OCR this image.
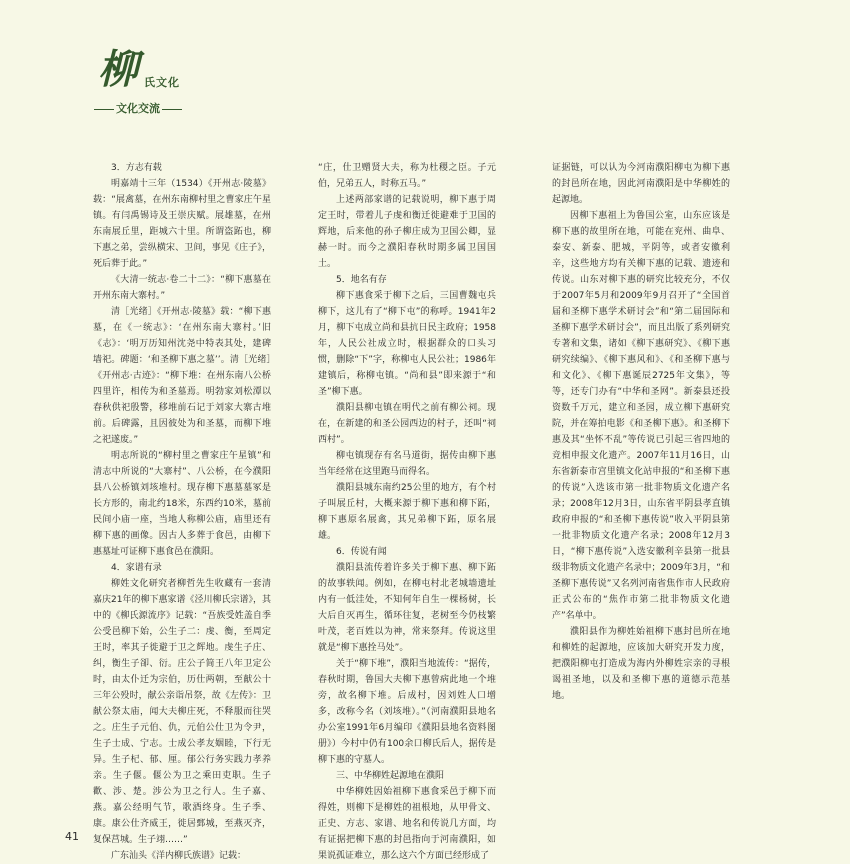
柳 氏文化
文化交流

3．方志有载

明嘉靖十三年（1534）《开州志·陵墓》载：“展禽墓，在州东南柳村里之曹家庄午星镇。有闫禹锡诗及王崇庆赋。展雄墓，在州东南展丘里，距城六十里。所谓盗跖也，柳下惠之弟，尝纵横宋、卫间，事见《庄子》，死后葬于此。”

《大清一统志·卷二十二》：“柳下惠墓在开州东南大寨村。”

清［光绪］《开州志·陵墓》载：“柳下惠墓，在《一统志》：‘在州东南大寨村。’旧《志》：‘明万历知州沈尧中特表其处，建碑墙祀。碑题：‘和圣柳下惠之墓’’。清［光绪］《开州志·古迹》：“柳下堆：在州东南八公桥四里许，相传为和圣墓焉。明勃家刘松潭以春秋供祀殷警，移堆前石记于刘家大寨古堆前。后碑露，且因彼处为和圣墓，而柳下堆之祀遂废。”

明志所说的“柳村里之曹家庄午星镇”和清志中所说的“大寨村”、八公桥，在今濮阳县八公桥镇刘垓堆村。现存柳下惠墓墓冢是长方形的，南北约18米，东西约10米，墓前民间小庙一座，当地人称柳公庙，庙里还有柳下惠的画像。因古人多葬于食邑，由柳下惠墓址可证柳下惠食邑在濮阳。

4．家谱有录

柳姓文化研究者柳哲先生收藏有一套清嘉庆21年的柳下惠家谱《泾川柳氏宗谱》，其中的《柳氏源流序》记载：“吾族受姓盖自季公受邑柳下始，公生子二：虔、衡，至周定王时，率其子徙避于卫之辉地。虔生子庄、纠，衡生子卻、衍。庄公子简王八年卫定公时，由太仆迁为宗伯，历仕两朝，至献公十三年公殁时，献公亲诣吊祭，故《左传》：卫献公祭太庙，闻大夫柳庄死，不释服而往哭之。庄生子元伯、仇，元伯公仕卫为令尹，生子士成、宁志。士成公孝友姻睦，下行无异。生子杞、郁、厘。郁公行务实践力孝养亲。生子偃。偃公为卫之乘田吏职。生子歡、涉、楚。涉公为卫之行人。生子嘉、燕。嘉公经明气节，歌酒终身。生子季、康。康公仕齐威王，徙居鄄城，至燕灭齐，复保莒城。生子翊……”

广东汕头《洋内柳氏族谱》记载：

“庄，仕卫赠贤大夫，称为杜稷之臣。子元伯，兄弟五人，时称五马。”

上述两部家谱的记载说明，柳下惠于周定王时，带着儿子虔和衡迁徙避难于卫国的辉地，后来他的孙子柳庄成为卫国公卿，显赫一时。而今之濮阳春秋时期多属卫国国土。

5．地名有存

柳下惠食采于柳下之后，三国曹魏屯兵柳下，这儿有了“柳下屯”的称呼。1941年2月，柳下屯成立尚和县抗日民主政府；1958年，人民公社成立时，根据群众的口头习惯，删除“下”字，称柳屯人民公社；1986年建镇后，称柳屯镇。“尚和县”即来源于“和圣”柳下惠。

濮阳县柳屯镇在明代之前有柳公祠。现在，在新建的和圣公园西边的村子，还叫“祠西村”。

柳屯镇现存有名马道街，据传由柳下惠当年经常在这里跑马而得名。

濮阳县城东南约25公里的地方，有个村子叫展丘村，大概来源于柳下惠和柳下跖，柳下惠原名展禽，其兄弟柳下跖，原名展雄。

6．传说有闻

濮阳县流传着许多关于柳下惠、柳下跖的故事轶闻。例如，在柳屯村北老城墙遗址内有一低洼处，不知何年自生一棵杨树，长大后自灭再生，循环往复，老树至今仍枝繁叶茂，老百姓以为神，常来祭拜。传说这里就是“柳下惠拴马处”。

关于“柳下堆”，濮阳当地流传：“据传，春秋时期，鲁国大夫柳下惠曾病此地一个堆旁，故名柳下堆。后成村，因刘姓人口增多，改称今名（刘垓堆）。”（河南濮阳县地名办公室1991年6月编印《濮阳县地名资料图册》）今村中仍有100余口柳氏后人，据传是柳下惠的守墓人。

三、中华柳姓起源地在濮阳

中华柳姓因始祖柳下惠食采邑于柳下而得姓，则柳下是柳姓的祖根地，从甲骨文、正史、方志、家谱、地名和传说几方面，均有证据把柳下惠的封邑指向于河南濮阳，如果说孤证难立，那么这六个方面已经形成了

证据链，可以认为今河南濮阳柳屯为柳下惠的封邑所在地，因此河南濮阳是中华柳姓的起源地。

因柳下惠祖上为鲁国公室，山东应该是柳下惠的故里所在地，可能在兖州、曲阜、泰安、新泰、肥城，平阴等，或者安徽利辛，这些地方均有关柳下惠的记载、遗迹和传说。山东对柳下惠的研究比较充分，不仅于2007年5月和2009年9月召开了“全国首届和圣柳下惠学术研讨会”和“第二届国际和圣柳下惠学术研讨会”，而且出版了系列研究专著和文集，诸如《柳下惠研究》、《柳下惠研究续编》、《柳下惠风和》、《和圣柳下惠与和文化》、《柳下惠诞辰2725年文集》，等等，还专门办有“中华和圣网”。新泰县还投资数千万元，建立和圣园，成立柳下惠研究院，并在筹拍电影《和圣柳下惠》。和圣柳下惠及其“坐怀不乱”等传说已引起三省四地的竞相申报文化遗产。2007年11月16日，山东省新泰市宫里镇文化站申报的“和圣柳下惠的传说”入选该市第一批非物质文化遗产名录；2008年12月3日，山东省平阴县孝直镇政府申报的“和圣柳下惠传说”收入平阴县第一批非物质文化遗产名录；2008年12月3日，“柳下惠传说”入选安徽利辛县第一批县级非物质文化遗产名录中；2009年3月，“和圣柳下惠传说”又名列河南省焦作市人民政府正式公布的“焦作市第二批非物质文化遗产”名单中。

濮阳县作为柳姓始祖柳下惠封邑所在地和柳姓的起源地，应该加大研究开发力度，把濮阳柳屯打造成为海内外柳姓宗亲的寻根谒祖圣地，以及和圣柳下惠的道德示范基地。

41
